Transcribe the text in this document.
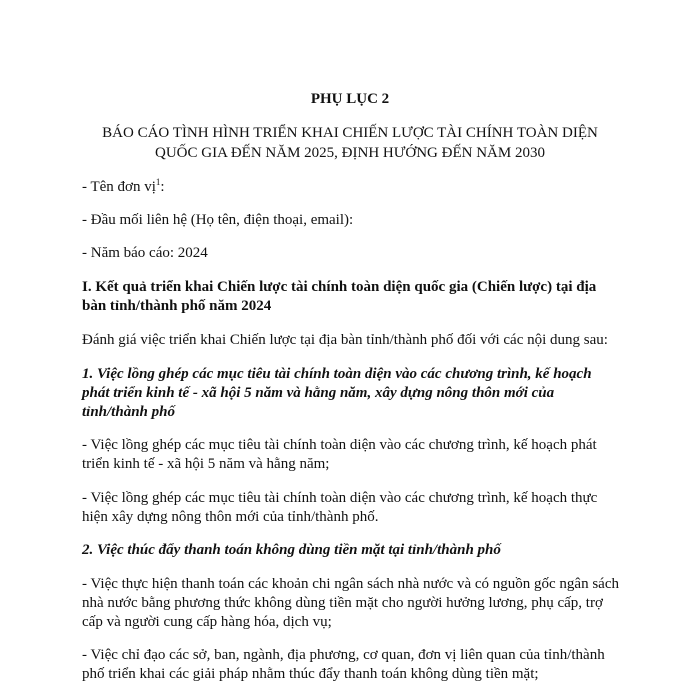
PHỤ LỤC 2
BÁO CÁO TÌNH HÌNH TRIỂN KHAI CHIẾN LƯỢC TÀI CHÍNH TOÀN DIỆN
QUỐC GIA ĐẾN NĂM 2025, ĐỊNH HƯỚNG ĐẾN NĂM 2030
- Tên đơn vị$^1$:
- Đầu mối liên hệ (Họ tên, điện thoại, email):
- Năm báo cáo: 2024
I. Kết quả triển khai Chiến lược tài chính toàn diện quốc gia (Chiến lược) tại địa
bàn tỉnh/thành phố năm 2024
Đánh giá việc triển khai Chiến lược tại địa bàn tỉnh/thành phố đối với các nội dung sau:
1. Việc lồng ghép các mục tiêu tài chính toàn diện vào các chương trình, kế hoạch
phát triển kinh tế - xã hội 5 năm và hằng năm, xây dựng nông thôn mới của
tỉnh/thành phố
- Việc lồng ghép các mục tiêu tài chính toàn diện vào các chương trình, kế hoạch phát
triển kinh tế - xã hội 5 năm và hằng năm;
- Việc lồng ghép các mục tiêu tài chính toàn diện vào các chương trình, kế hoạch thực
hiện xây dựng nông thôn mới của tỉnh/thành phố.
2. Việc thúc đẩy thanh toán không dùng tiền mặt tại tỉnh/thành phố
- Việc thực hiện thanh toán các khoản chi ngân sách nhà nước và có nguồn gốc ngân sách
nhà nước bằng phương thức không dùng tiền mặt cho người hưởng lương, phụ cấp, trợ
cấp và người cung cấp hàng hóa, dịch vụ;
- Việc chỉ đạo các sở, ban, ngành, địa phương, cơ quan, đơn vị liên quan của tỉnh/thành
phố triển khai các giải pháp nhằm thúc đẩy thanh toán không dùng tiền mặt;
